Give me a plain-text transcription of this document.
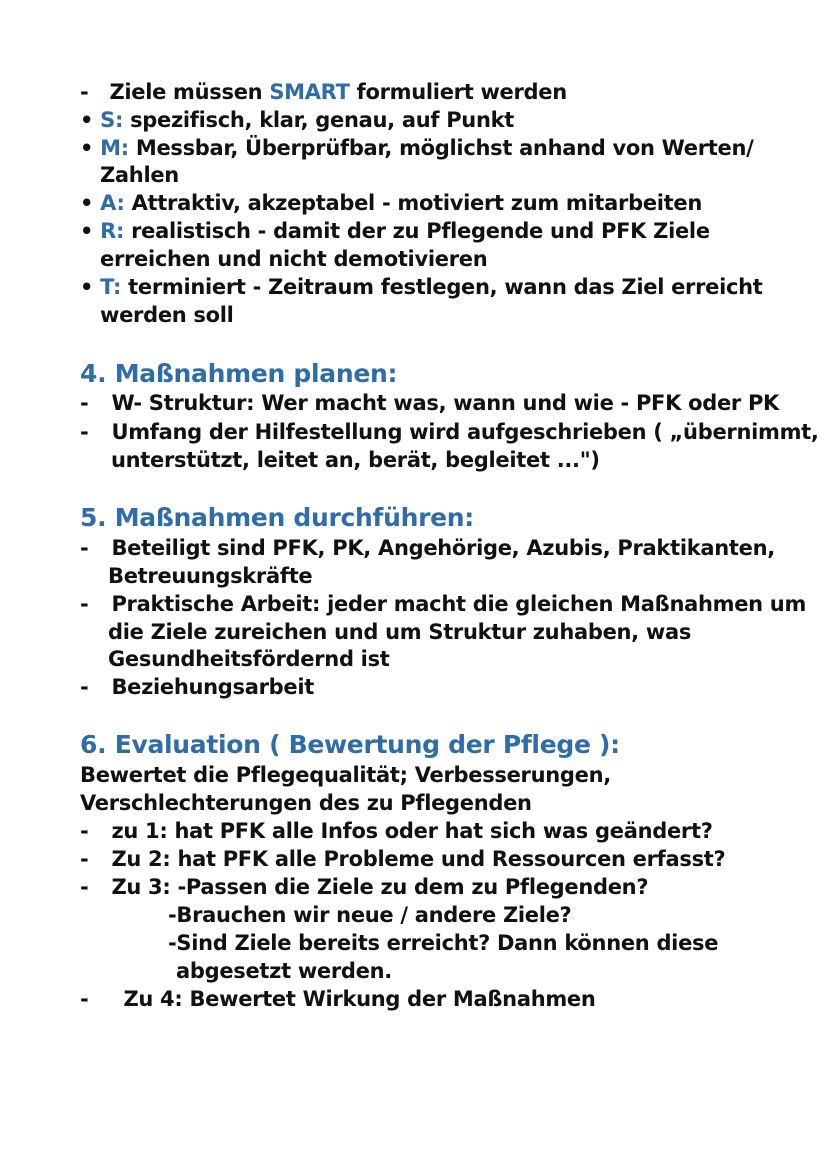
- Ziele müssen SMART formuliert werden
• S: spezifisch, klar, genau, auf Punkt
• M: Messbar, Überprüfbar, möglichst anhand von Werten/
Zahlen
• A: Attraktiv, akzeptabel - motiviert zum mitarbeiten
• R: realistisch - damit der zu Pflegende und PFK Ziele
erreichen und nicht demotivieren
• T: terminiert - Zeitraum festlegen, wann das Ziel erreicht
werden soll
4. Maßnahmen planen:
- W- Struktur: Wer macht was, wann und wie - PFK oder PK
- Umfang der Hilfestellung wird aufgeschrieben ( „übernimmt,
unterstützt, leitet an, berät, begleitet ...")
5. Maßnahmen durchführen:
- Beteiligt sind PFK, PK, Angehörige, Azubis, Praktikanten,
Betreuungskräfte
- Praktische Arbeit: jeder macht die gleichen Maßnahmen um
die Ziele zureichen und um Struktur zuhaben, was
Gesundheitsfördernd ist
- Beziehungsarbeit
6. Evaluation ( Bewertung der Pflege ):
Bewertet die Pflegequalität; Verbesserungen,
Verschlechterungen des zu Pflegenden
- zu 1: hat PFK alle Infos oder hat sich was geändert?
- Zu 2: hat PFK alle Probleme und Ressourcen erfasst?
- Zu 3: -Passen die Ziele zu dem zu Pflegenden?
-Brauchen wir neue / andere Ziele?
-Sind Ziele bereits erreicht? Dann können diese
abgesetzt werden.
- Zu 4: Bewertet Wirkung der Maßnahmen
